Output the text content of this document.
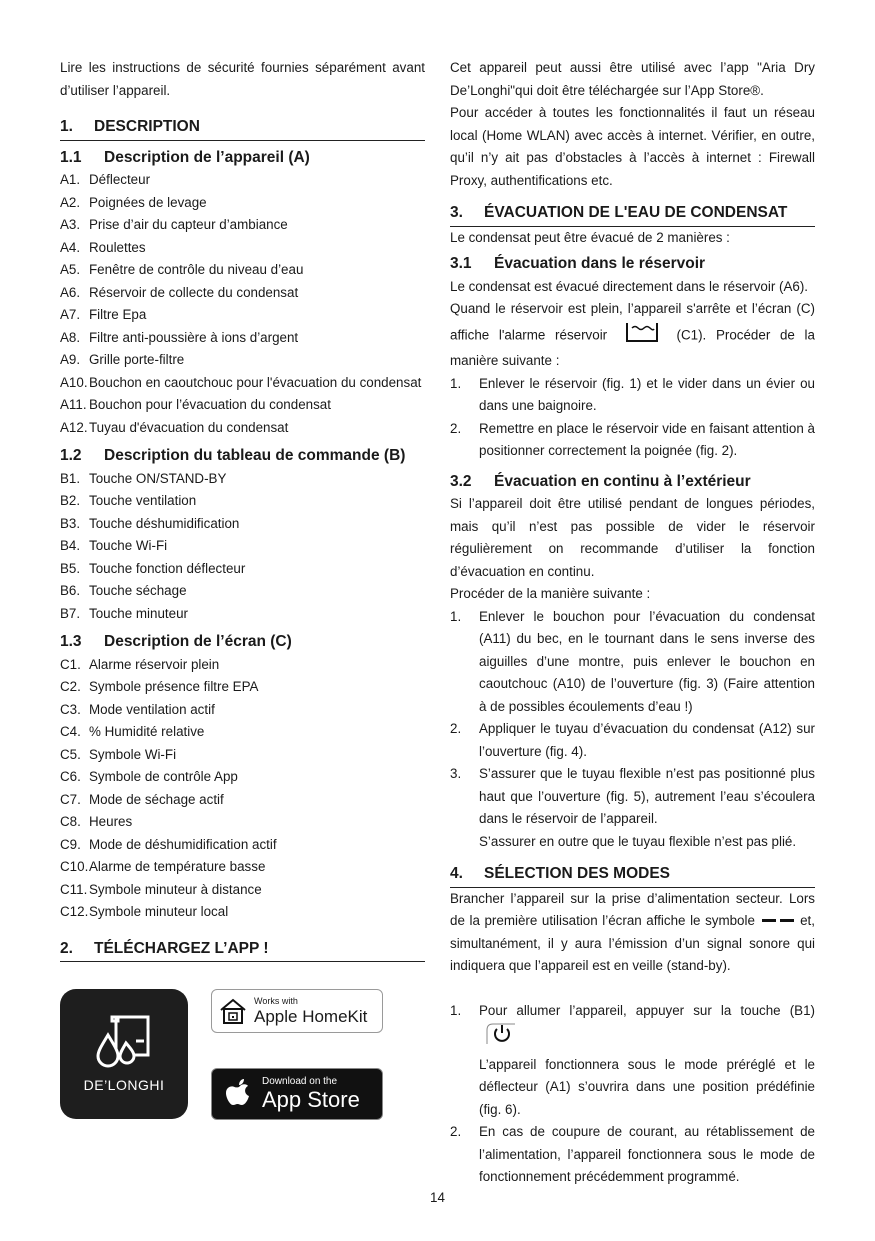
Lire les instructions de sécurité fournies séparément avant d’utiliser l’appareil.

1.	DESCRIPTION
1.1	Description de l’appareil (A)
A1. Déflecteur
A2. Poignées de levage
A3. Prise d’air du capteur d’ambiance
A4. Roulettes
A5. Fenêtre de contrôle du niveau d’eau
A6. Réservoir de collecte du condensat
A7. Filtre Epa
A8. Filtre anti-poussière à ions d’argent
A9. Grille porte-filtre
A10. Bouchon en caoutchouc pour l'évacuation du condensat
A11. Bouchon pour l’évacuation du condensat
A12. Tuyau d'évacuation du condensat
1.2	Description du tableau de commande (B)
B1. Touche ON/STAND-BY
B2. Touche ventilation
B3. Touche déshumidification
B4. Touche Wi-Fi
B5. Touche fonction déflecteur
B6. Touche séchage
B7. Touche minuteur
1.3	Description de l’écran (C)
C1. Alarme réservoir plein
C2. Symbole présence filtre EPA
C3. Mode ventilation actif
C4. % Humidité relative
C5. Symbole Wi-Fi
C6. Symbole de contrôle App
C7. Mode de séchage actif
C8. Heures
C9. Mode de déshumidification actif
C10. Alarme de température basse
C11. Symbole minuteur à distance
C12. Symbole minuteur local
2.	TÉLÉCHARGEZ L’APP !
DE’LONGHI
Works with
Apple HomeKit
Download on the
App Store

Cet appareil peut aussi être utilisé avec l’app "Aria Dry De’Longhi"qui doit être téléchargée sur l’App Store®.

Pour accéder à toutes les fonctionnalités il faut un réseau local (Home WLAN) avec accès à internet. Vérifier, en outre, qu’il n’y ait pas d’obstacles à l’accès à internet : Firewall Proxy, authentifications etc.

3.	ÉVACUATION DE L'EAU DE CONDENSAT

Le condensat peut être évacué de 2 manières :

3.1	Évacuation dans le réservoir

Le condensat est évacué directement dans le réservoir (A6).

Quand le réservoir est plein, l’appareil s'arrête et l’écran (C) affiche l'alarme réservoir	(C1). Procéder de la manière suivante :

1.	Enlever le réservoir (fig. 1) et le vider dans un évier ou dans une baignoire.
2.	Remettre en place le réservoir vide en faisant attention à positionner correctement la poignée (fig. 2).
3.2	Évacuation en continu à l’extérieur

Si l’appareil doit être utilisé pendant de longues périodes, mais qu’il n’est pas possible de vider le réservoir régulièrement on recommande d’utiliser la fonction d’évacuation en continu.

Procéder de la manière suivante :

1.	Enlever le bouchon pour l’évacuation du condensat (A11) du bec, en le tournant dans le sens inverse des aiguilles d’une montre, puis enlever le bouchon en caoutchouc (A10) de l’ouverture (fig. 3) (Faire attention à de possibles écoulements d’eau !)
2.	Appliquer le tuyau d’évacuation du condensat (A12) sur l’ouverture (fig. 4).
3.	S’assurer que le tuyau flexible n’est pas positionné plus haut que l’ouverture (fig. 5), autrement l’eau s’écoulera dans le réservoir de l’appareil.
S’assurer en outre que le tuyau flexible n’est pas plié.
4.	SÉLECTION DES MODES

Brancher l’appareil sur la prise d’alimentation secteur. Lors de la première utilisation l’écran affiche le symbole	et, simultanément, il y aura l’émission d’un signal sonore qui indiquera que l’appareil est en veille (stand-by).

1.	Pour allumer l’appareil, appuyer sur la touche (B1)
L’appareil fonctionnera sous le mode préréglé et le déflecteur (A1) s’ouvrira dans une position prédéfinie (fig. 6).
2.	En cas de coupure de courant, au rétablissement de l’alimentation, l’appareil fonctionnera sous le mode de fonctionnement précédemment programmé.
14
